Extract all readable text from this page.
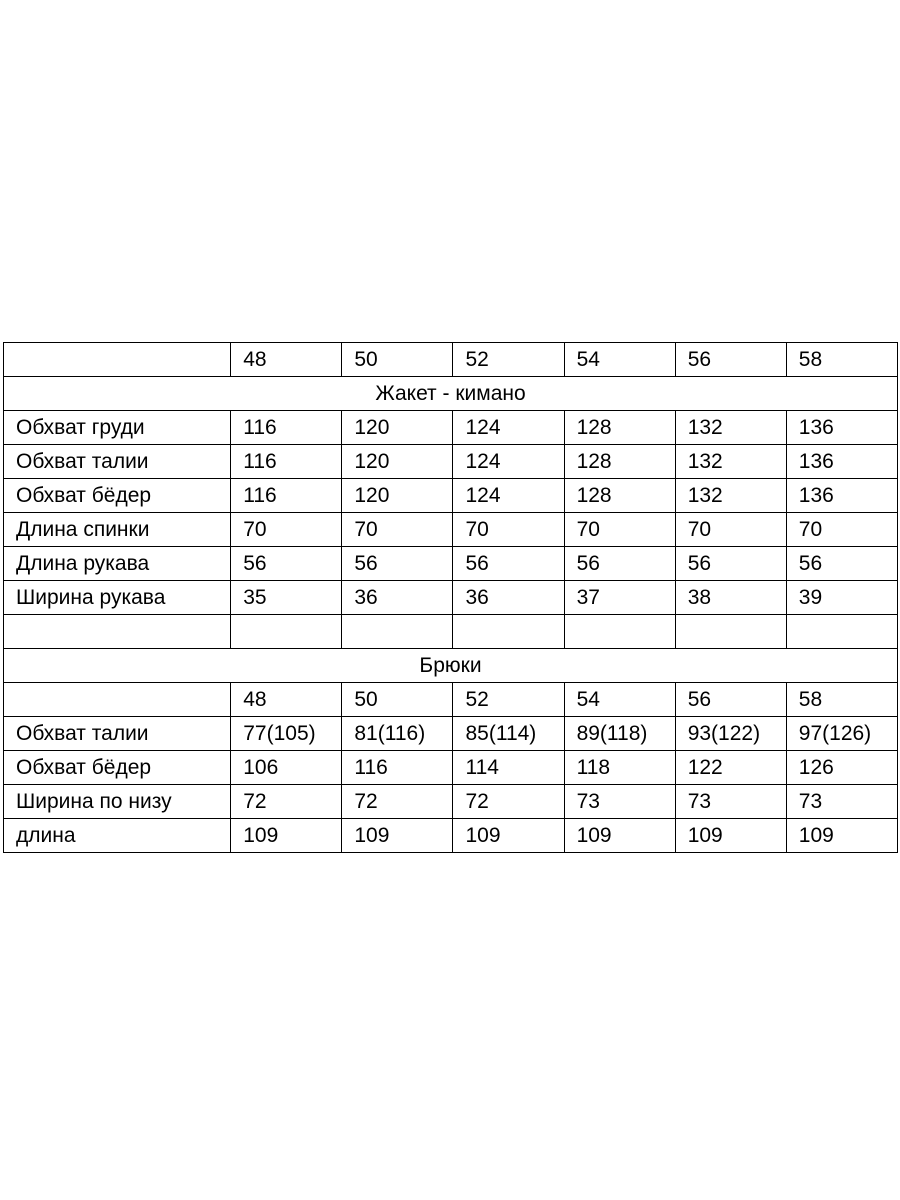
	48	50	52	54	56	58
Жакет - кимано						
Обхват груди	116	120	124	128	132	136
Обхват талии	116	120	124	128	132	136
Обхват бёдер	116	120	124	128	132	136
Длина спинки	70	70	70	70	70	70
Длина рукава	56	56	56	56	56	56
Ширина рукава	35	36	36	37	38	39

Брюки						
	48	50	52	54	56	58
Обхват талии	77(105)	81(116)	85(114)	89(118)	93(122)	97(126)
Обхват бёдер	106	116	114	118	122	126
Ширина по низу	72	72	72	73	73	73
длина	109	109	109	109	109	109
